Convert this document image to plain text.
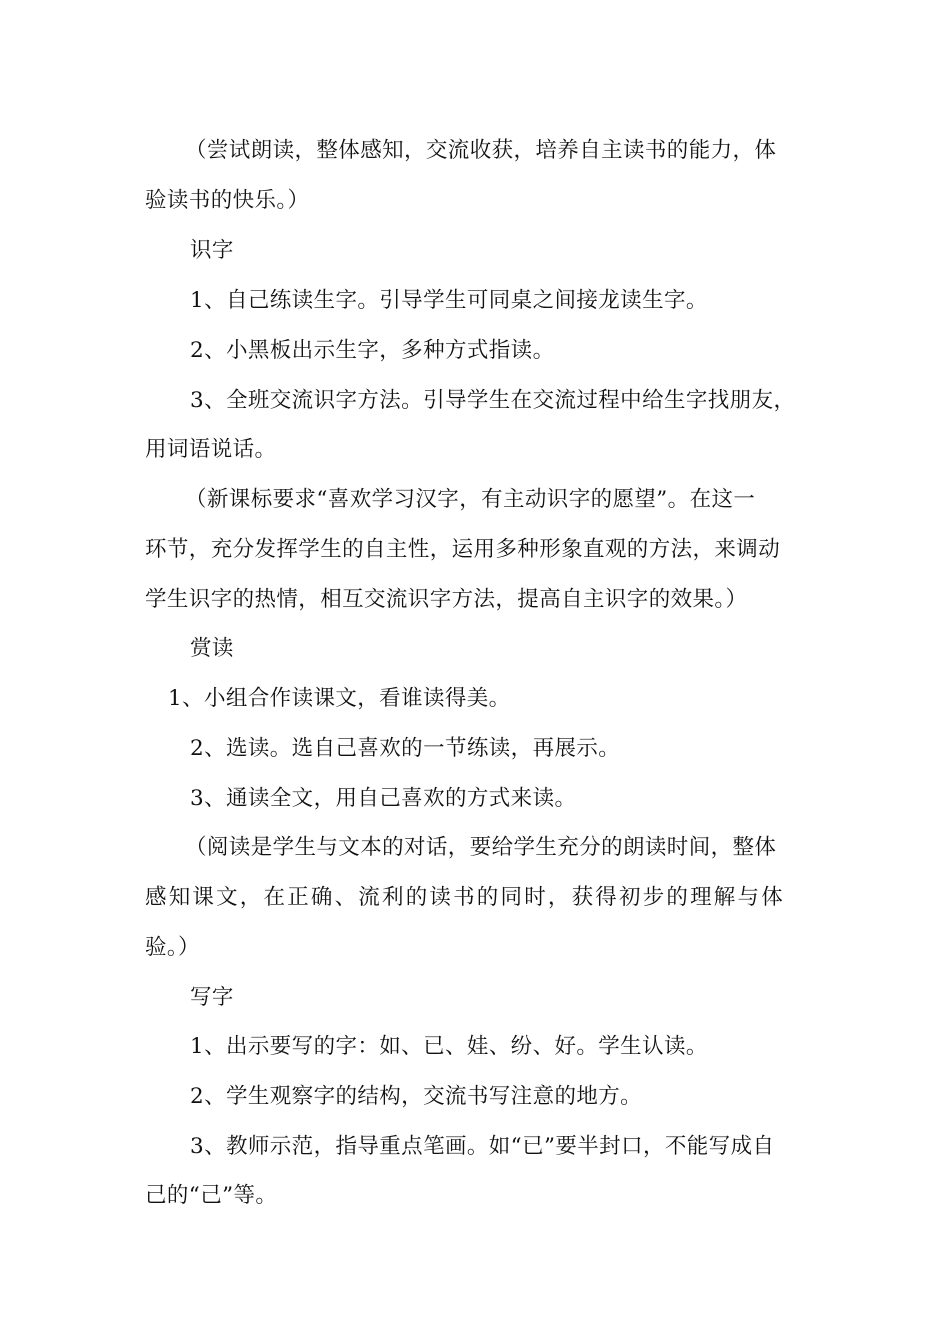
（尝试朗读，整体感知，交流收获，培养自主读书的能力，体
验读书的快乐。）
识字
1、自己练读生字。引导学生可同桌之间接龙读生字。
2、小黑板出示生字，多种方式指读。
3、全班交流识字方法。引导学生在交流过程中给生字找朋友，
用词语说话。
（新课标要求“喜欢学习汉字，有主动识字的愿望”。在这一
环节，充分发挥学生的自主性，运用多种形象直观的方法，来调动
学生识字的热情，相互交流识字方法，提高自主识字的效果。）
赏读
1、小组合作读课文，看谁读得美。
2、选读。选自己喜欢的一节练读，再展示。
3、通读全文，用自己喜欢的方式来读。
（阅读是学生与文本的对话，要给学生充分的朗读时间，整体
感知课文，在正确、流利的读书的同时，获得初步的理解与体
验。）
写字
1、出示要写的字：如、已、娃、纷、好。学生认读。
2、学生观察字的结构，交流书写注意的地方。
3、教师示范，指导重点笔画。如“已”要半封口，不能写成自
己的“己”等。
